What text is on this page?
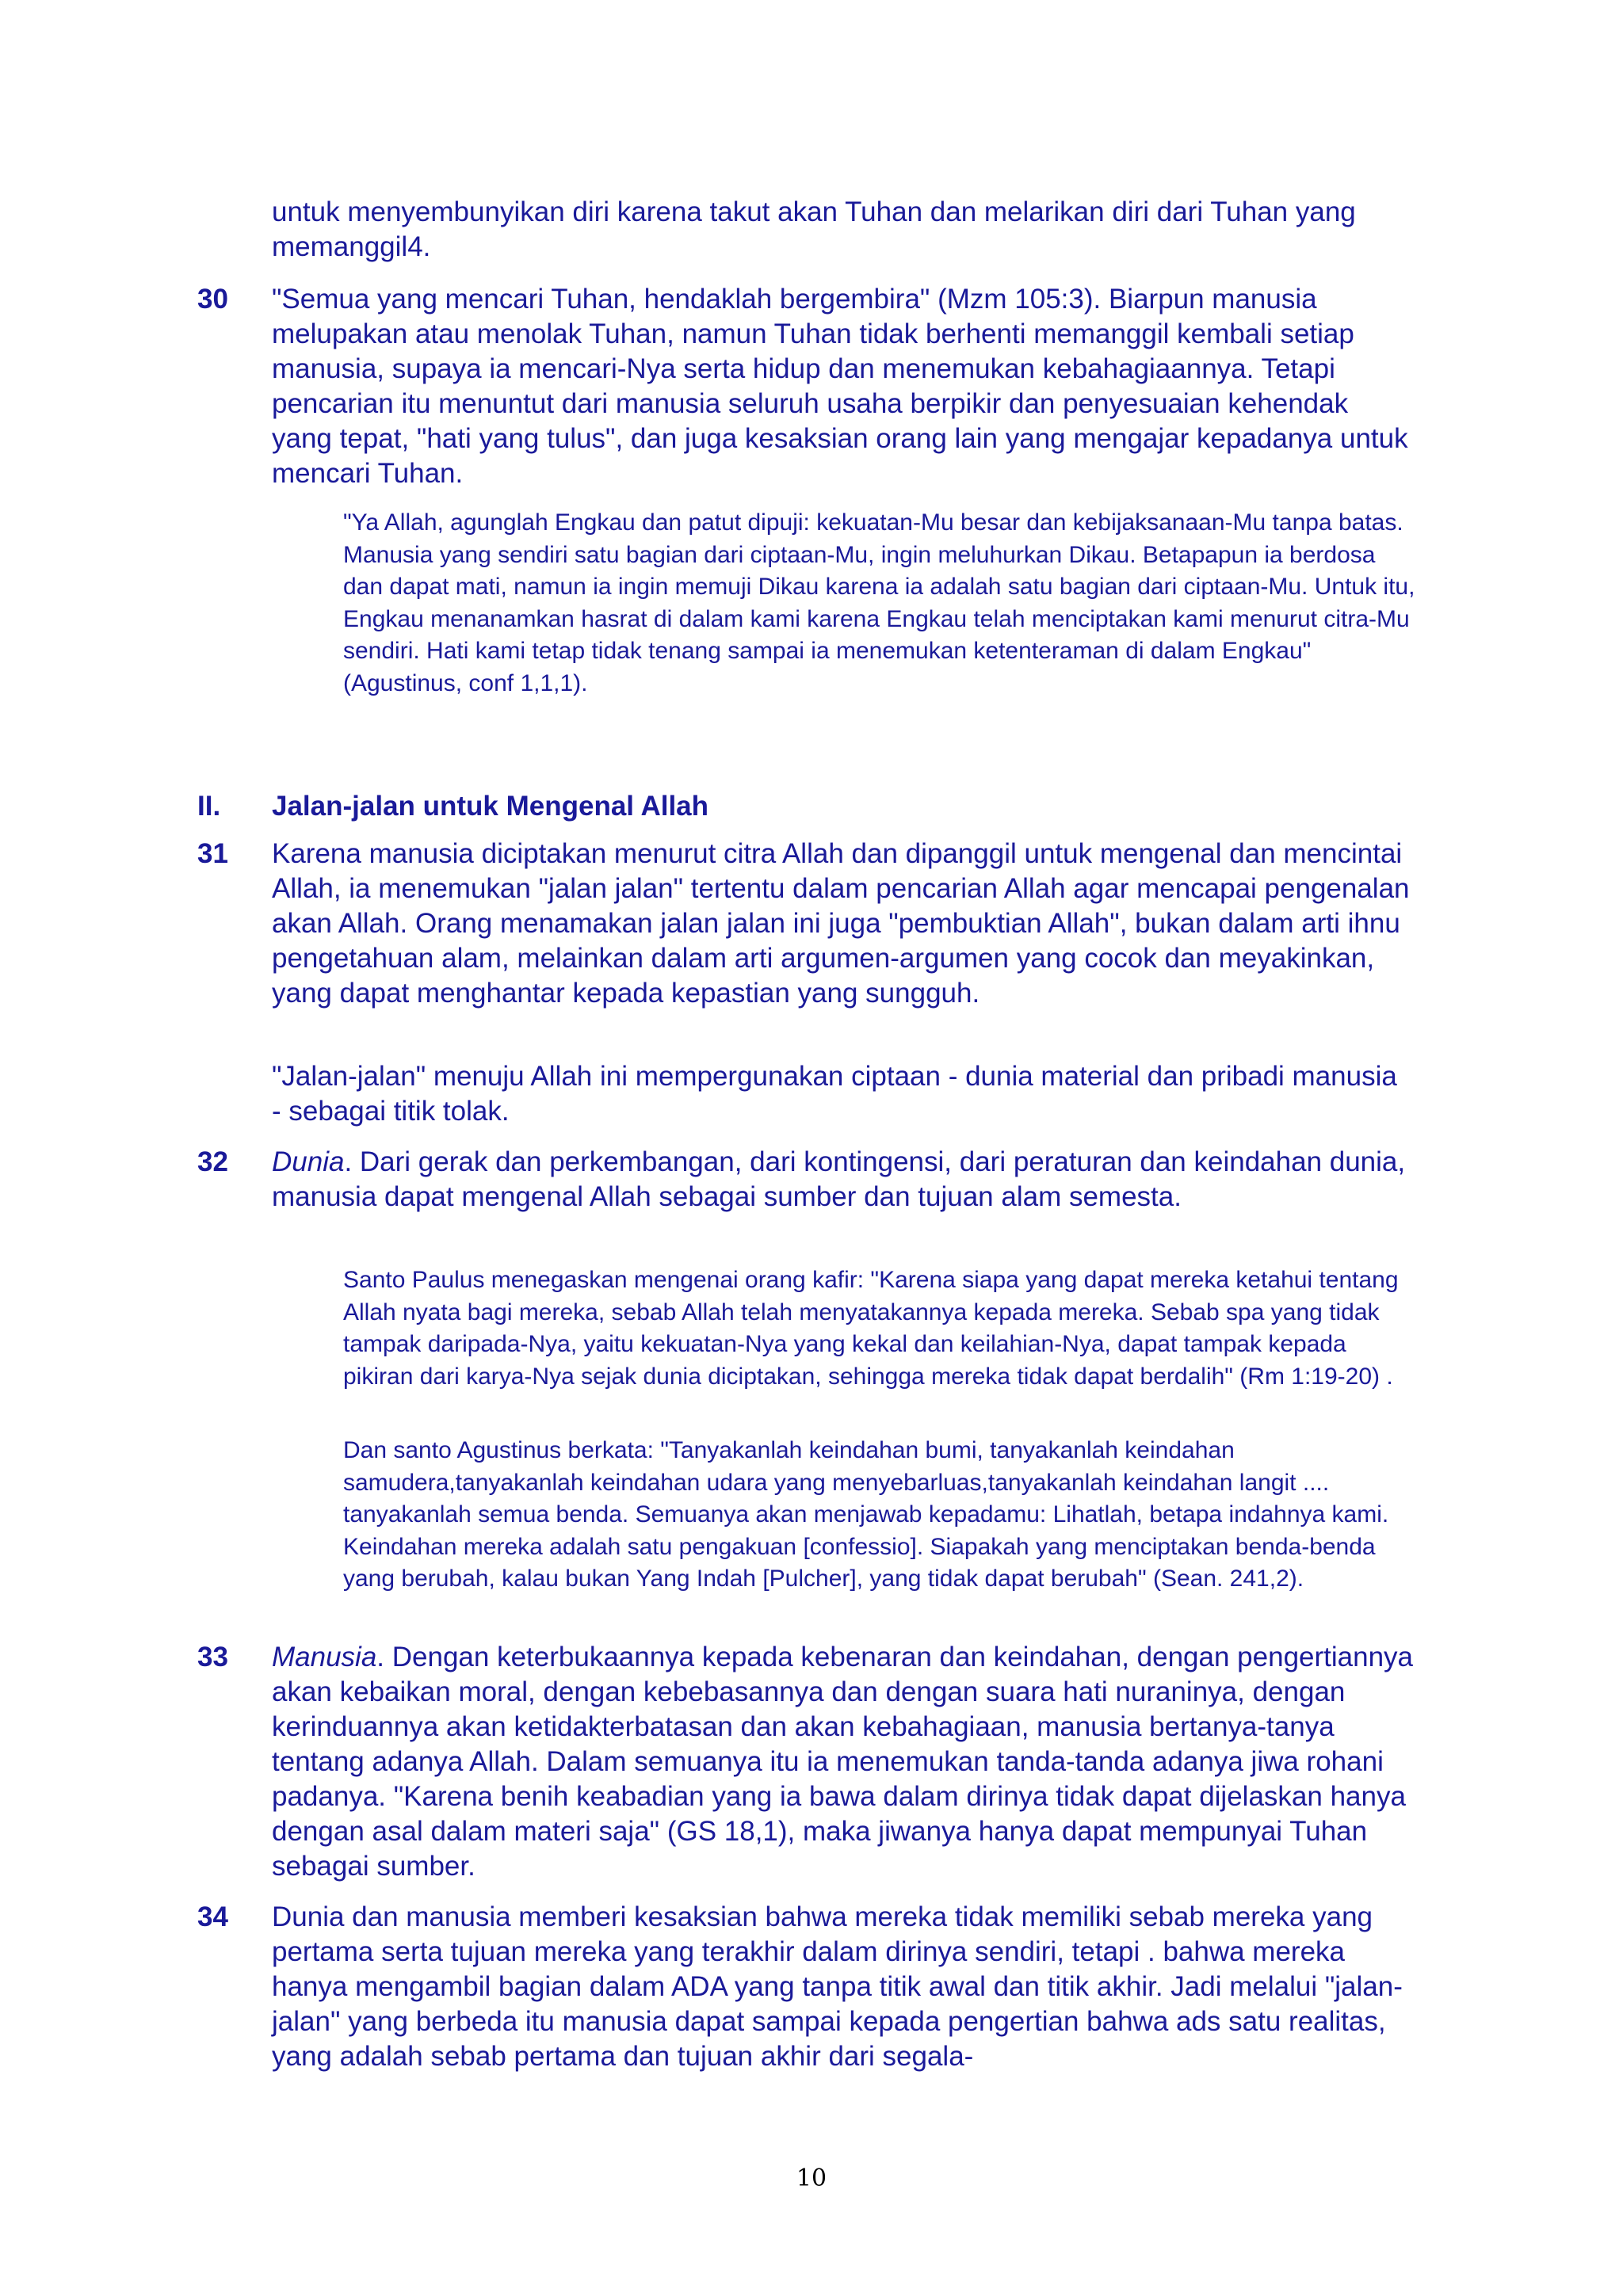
untuk menyembunyikan diri karena takut akan Tuhan dan melarikan diri dari Tuhan yang memanggil4.

30 "Semua yang mencari Tuhan, hendaklah bergembira" (Mzm 105:3). Biarpun manusia melupakan atau menolak Tuhan, namun Tuhan tidak berhenti memanggil kembali setiap manusia, supaya ia mencari-Nya serta hidup dan menemukan kebahagiaannya. Tetapi pencarian itu menuntut dari manusia seluruh usaha berpikir dan penyesuaian kehendak yang tepat, "hati yang tulus", dan juga kesaksian orang lain yang mengajar kepadanya untuk mencari Tuhan.

"Ya Allah, agunglah Engkau dan patut dipuji: kekuatan-Mu besar dan kebijaksanaan-Mu tanpa batas. Manusia yang sendiri satu bagian dari ciptaan-Mu, ingin meluhurkan Dikau. Betapapun ia berdosa dan dapat mati, namun ia ingin memuji Dikau karena ia adalah satu bagian dari ciptaan-Mu. Untuk itu, Engkau menanamkan hasrat di dalam kami karena Engkau telah menciptakan kami menurut citra-Mu sendiri. Hati kami tetap tidak tenang sampai ia menemukan ketenteraman di dalam Engkau" (Agustinus, conf 1,1,1).

II. Jalan-jalan untuk Mengenal Allah
31 Karena manusia diciptakan menurut citra Allah dan dipanggil untuk mengenal dan mencintai Allah, ia menemukan "jalan jalan" tertentu dalam pencarian Allah agar mencapai pengenalan akan Allah. Orang menamakan jalan jalan ini juga "pembuktian Allah", bukan dalam arti ihnu pengetahuan alam, melainkan dalam arti argumen-argumen yang cocok dan meyakinkan, yang dapat menghantar kepada kepastian yang sungguh.

"Jalan-jalan" menuju Allah ini mempergunakan ciptaan - dunia material dan pribadi manusia - sebagai titik tolak.

32 Dunia. Dari gerak dan perkembangan, dari kontingensi, dari peraturan dan keindahan dunia, manusia dapat mengenal Allah sebagai sumber dan tujuan alam semesta.

Santo Paulus menegaskan mengenai orang kafir: "Karena siapa yang dapat mereka ketahui tentang Allah nyata bagi mereka, sebab Allah telah menyatakannya kepada mereka. Sebab spa yang tidak tampak daripada-Nya, yaitu kekuatan-Nya yang kekal dan keilahian-Nya, dapat tampak kepada pikiran dari karya-Nya sejak dunia diciptakan, sehingga mereka tidak dapat berdalih" (Rm 1:19-20) .

Dan santo Agustinus berkata: "Tanyakanlah keindahan bumi, tanyakanlah keindahan samudera,tanyakanlah keindahan udara yang menyebarluas,tanyakanlah keindahan langit .... tanyakanlah semua benda. Semuanya akan menjawab kepadamu: Lihatlah, betapa indahnya kami. Keindahan mereka adalah satu pengakuan [confessio]. Siapakah yang menciptakan benda-benda yang berubah, kalau bukan Yang Indah [Pulcher], yang tidak dapat berubah" (Sean. 241,2).

33 Manusia. Dengan keterbukaannya kepada kebenaran dan keindahan, dengan pengertiannya akan kebaikan moral, dengan kebebasannya dan dengan suara hati nuraninya, dengan kerinduannya akan ketidakterbatasan dan akan kebahagiaan, manusia bertanya-tanya tentang adanya Allah. Dalam semuanya itu ia menemukan tanda-tanda adanya jiwa rohani padanya. "Karena benih keabadian yang ia bawa dalam dirinya tidak dapat dijelaskan hanya dengan asal dalam materi saja" (GS 18,1), maka jiwanya hanya dapat mempunyai Tuhan sebagai sumber.

34 Dunia dan manusia memberi kesaksian bahwa mereka tidak memiliki sebab mereka yang pertama serta tujuan mereka yang terakhir dalam dirinya sendiri, tetapi . bahwa mereka hanya mengambil bagian dalam ADA yang tanpa titik awal dan titik akhir. Jadi melalui "jalan-jalan" yang berbeda itu manusia dapat sampai kepada pengertian bahwa ads satu realitas, yang adalah sebab pertama dan tujuan akhir dari segala-

10
